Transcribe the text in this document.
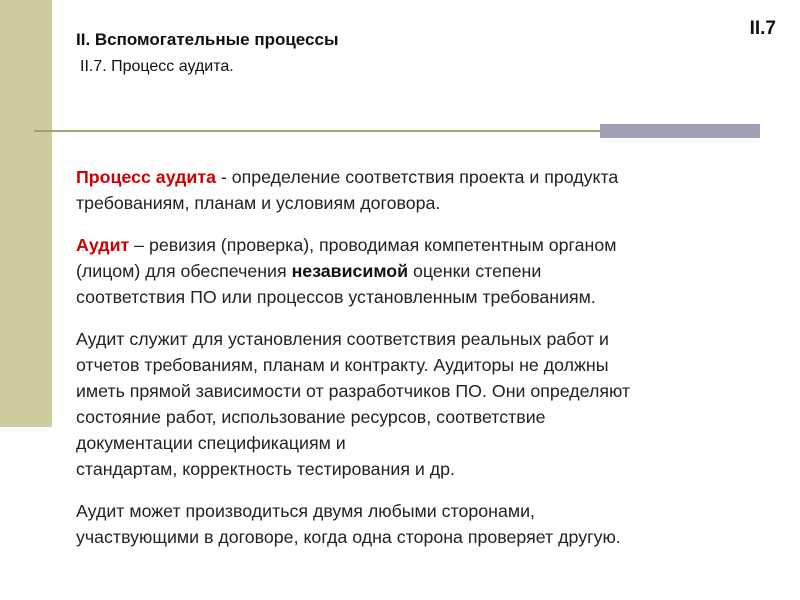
II.7
II. Вспомогательные процессы
II.7. Процесс аудита.

Процесс аудита - определение соответствия проекта и продукта
требованиям, планам и условиям договора.

Аудит – ревизия (проверка), проводимая компетентным органом
(лицом) для обеспечения независимой оценки степени
соответствия ПО или процессов установленным требованиям.

Аудит служит для установления соответствия реальных работ и
отчетов требованиям, планам и контракту. Аудиторы не должны
иметь прямой зависимости от разработчиков ПО. Они определяют
состояние работ, использование ресурсов, соответствие
документации спецификациям и
стандартам, корректность тестирования и др.

Аудит может производиться двумя любыми сторонами,
участвующими в договоре, когда одна сторона проверяет другую.
